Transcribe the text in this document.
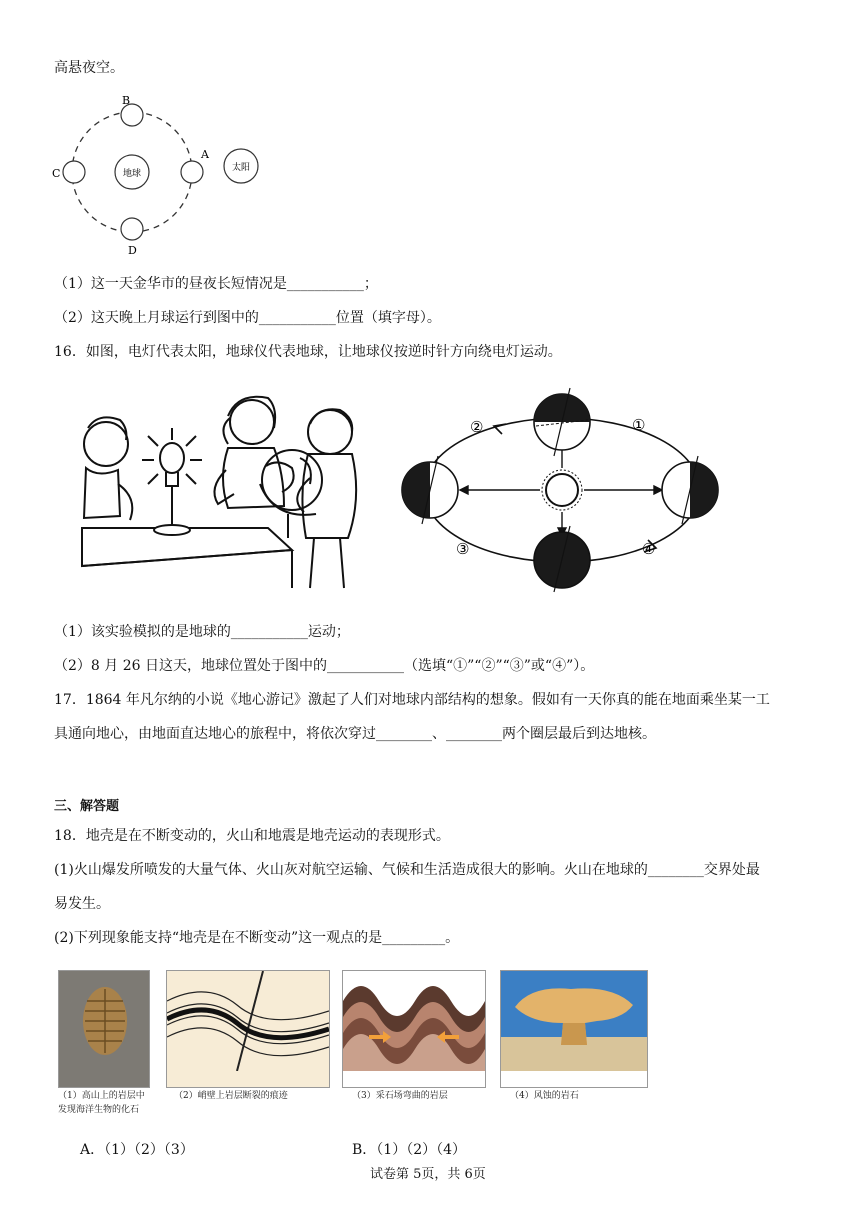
高悬夜空。
B
C
A
D
地球
太阳
（1）这一天金华市的昼夜长短情况是___________；
（2）这天晚上月球运行到图中的___________位置（填字母）。
16．如图，电灯代表太阳，地球仪代表地球，让地球仪按逆时针方向绕电灯运动。
①
②
③	④
（1）该实验模拟的是地球的___________运动；
（2）8 月 26 日这天，地球位置处于图中的___________（选填“①”“②”“③”或“④”）。
17．1864 年凡尔纳的小说《地心游记》激起了人们对地球内部结构的想象。假如有一天你真的能在地面乘坐某一工
具通向地心，由地面直达地心的旅程中，将依次穿过________、________两个圈层最后到达地核。
三、解答题
18．地壳是在不断变动的，火山和地震是地壳运动的表现形式。
(1)火山爆发所喷发的大量气体、火山灰对航空运输、气候和生活造成很大的影响。火山在地球的________交界处最
易发生。
(2)下列现象能支持“地壳是在不断变动”这一观点的是_________。
（1）高山上的岩层中
发现海洋生物的化石
（2）峭壁上岩层断裂的痕迹	（3）采石场弯曲的岩层	（4）风蚀的岩石
A．（1）（2）（3）	B．（1）（2）（4）
试卷第 5页，共 6页
